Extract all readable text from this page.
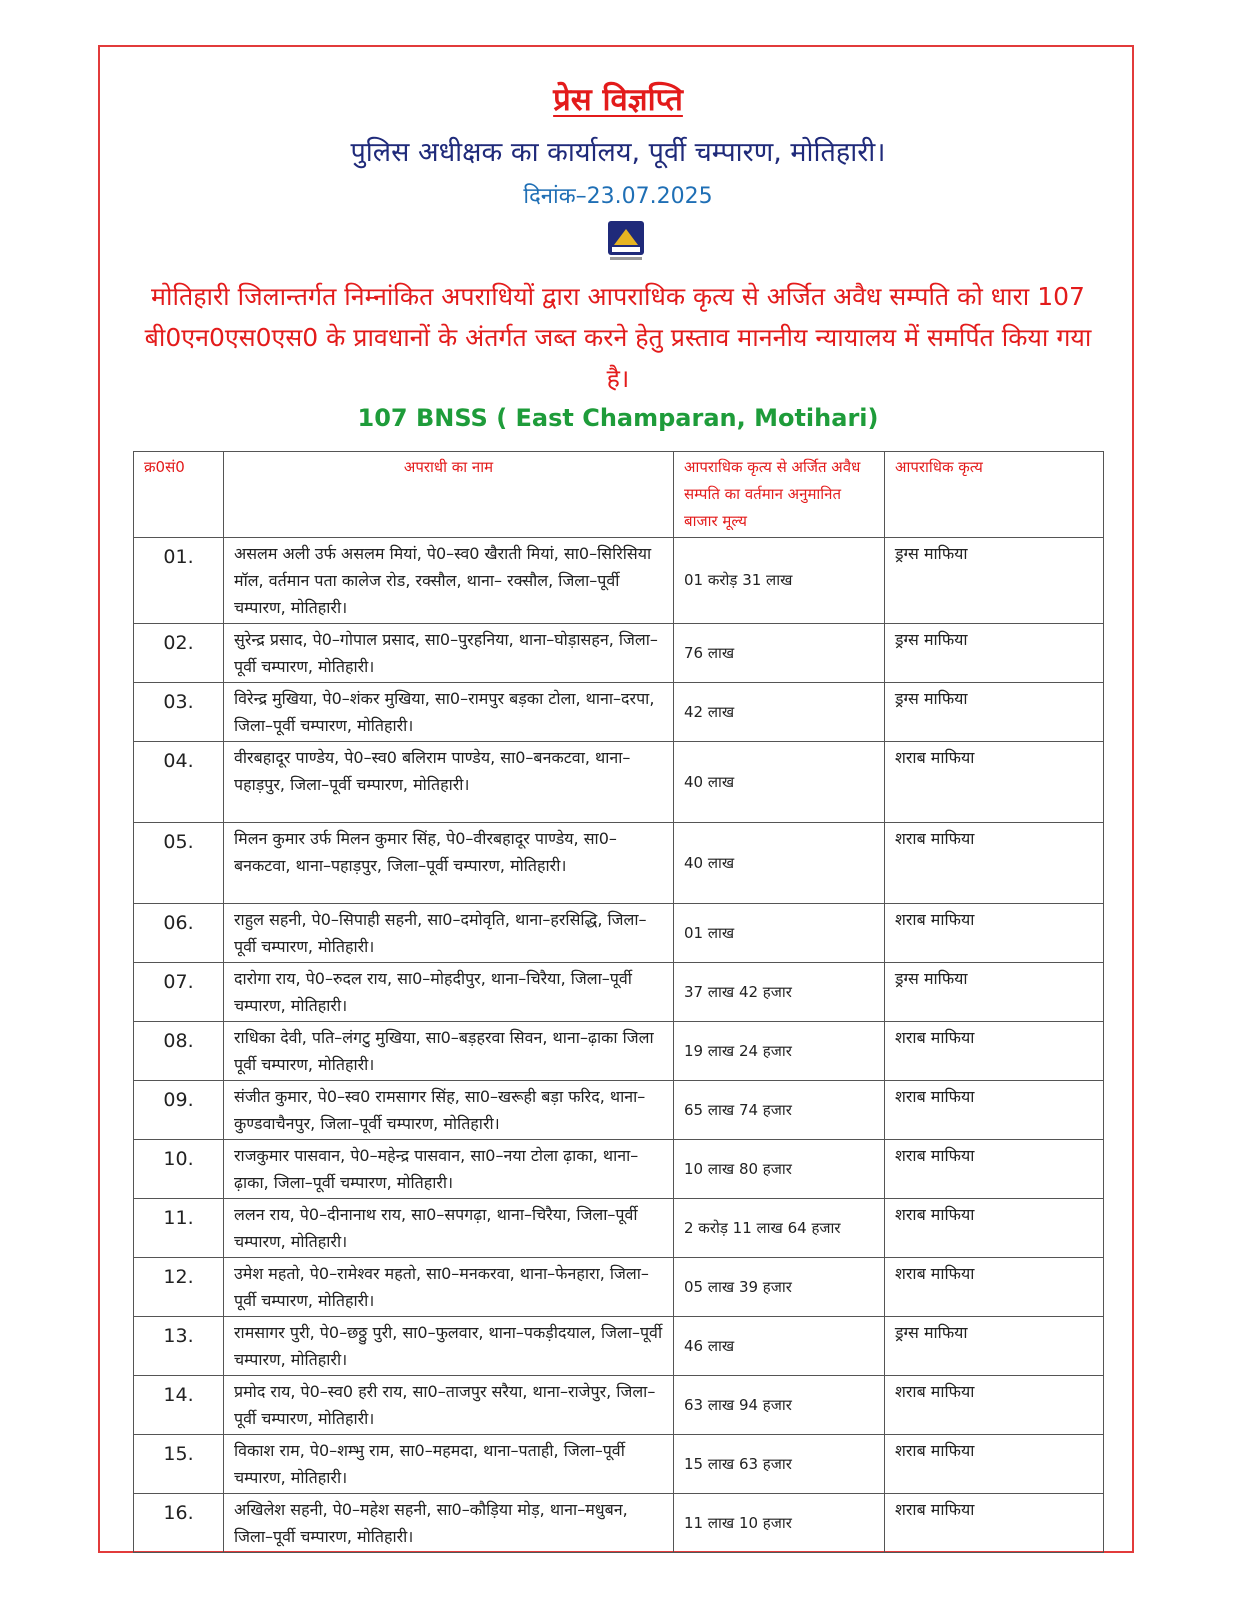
प्रेस विज्ञप्ति
पुलिस अधीक्षक का कार्यालय, पूर्वी चम्पारण, मोतिहारी।
दिनांक–23.07.2025
मोतिहारी जिलान्तर्गत निम्नांकित अपराधियों द्वारा आपराधिक कृत्य से अर्जित अवैध सम्पति को धारा 107 बी0एन0एस0एस0 के प्रावधानों के अंतर्गत जब्त करने हेतु प्रस्ताव माननीय न्यायालय में समर्पित किया गया है।
107 BNSS ( East Champaran, Motihari)
क्र0सं0	अपराधी का नाम	आपराधिक कृत्य से अर्जित अवैध सम्पति का वर्तमान अनुमानित बाजार मूल्य	आपराधिक कृत्य
01.	असलम अली उर्फ असलम मियां, पे0–स्व0 खैराती मियां, सा0–सिरिसिया मॉल, वर्तमान पता कालेज रोड, रक्सौल, थाना– रक्सौल, जिला–पूर्वी चम्पारण, मोतिहारी।	01 करोड़ 31 लाख	ड्रग्स माफिया
02.	सुरेन्द्र प्रसाद, पे0–गोपाल प्रसाद, सा0–पुरहनिया, थाना–घोड़ासहन, जिला–पूर्वी चम्पारण, मोतिहारी।	76 लाख	ड्रग्स माफिया
03.	विरेन्द्र मुखिया, पे0–शंकर मुखिया, सा0–रामपुर बड़का टोला, थाना–दरपा, जिला–पूर्वी चम्पारण, मोतिहारी।	42 लाख	ड्रग्स माफिया
04.	वीरबहादूर पाण्डेय, पे0–स्व0 बलिराम पाण्डेय, सा0–बनकटवा, थाना–पहाड़पुर, जिला–पूर्वी चम्पारण, मोतिहारी।	40 लाख	शराब माफिया
05.	मिलन कुमार उर्फ मिलन कुमार सिंह, पे0–वीरबहादूर पाण्डेय, सा0–बनकटवा, थाना–पहाड़पुर, जिला–पूर्वी चम्पारण, मोतिहारी।	40 लाख	शराब माफिया
06.	राहुल सहनी, पे0–सिपाही सहनी, सा0–दमोवृति, थाना–हरसिद्धि, जिला–पूर्वी चम्पारण, मोतिहारी।	01 लाख	शराब माफिया
07.	दारोगा राय, पे0–रुदल राय, सा0–मोहदीपुर, थाना–चिरैया, जिला–पूर्वी चम्पारण, मोतिहारी।	37 लाख 42 हजार	ड्रग्स माफिया
08.	राधिका देवी, पति–लंगटु मुखिया, सा0–बड़हरवा सिवन, थाना–ढ़ाका जिला पूर्वी चम्पारण, मोतिहारी।	19 लाख 24 हजार	शराब माफिया
09.	संजीत कुमार, पे0–स्व0 रामसागर सिंह, सा0–खरूही बड़ा फरिद, थाना–कुण्डवाचैनपुर, जिला–पूर्वी चम्पारण, मोतिहारी।	65 लाख 74 हजार	शराब माफिया
10.	राजकुमार पासवान, पे0–महेन्द्र पासवान, सा0–नया टोला ढ़ाका, थाना–ढ़ाका, जिला–पूर्वी चम्पारण, मोतिहारी।	10 लाख 80 हजार	शराब माफिया
11.	ललन राय, पे0–दीनानाथ राय, सा0–सपगढ़ा, थाना–चिरैया, जिला–पूर्वी चम्पारण, मोतिहारी।	2 करोड़ 11 लाख 64 हजार	शराब माफिया
12.	उमेश महतो, पे0–रामेश्वर महतो, सा0–मनकरवा, थाना–फेनहारा, जिला–पूर्वी चम्पारण, मोतिहारी।	05 लाख 39 हजार	शराब माफिया
13.	रामसागर पुरी, पे0–छठ्ठु पुरी, सा0–फुलवार, थाना–पकड़ीदयाल, जिला–पूर्वी चम्पारण, मोतिहारी।	46 लाख	ड्रग्स माफिया
14.	प्रमोद राय, पे0–स्व0 हरी राय, सा0–ताजपुर सरैया, थाना–राजेपुर, जिला–पूर्वी चम्पारण, मोतिहारी।	63 लाख 94 हजार	शराब माफिया
15.	विकाश राम, पे0–शम्भु राम, सा0–महमदा, थाना–पताही, जिला–पूर्वी चम्पारण, मोतिहारी।	15 लाख 63 हजार	शराब माफिया
16.	अखिलेश सहनी, पे0–महेश सहनी, सा0–कौड़िया मोड़, थाना–मधुबन, जिला–पूर्वी चम्पारण, मोतिहारी।	11 लाख 10 हजार	शराब माफिया
